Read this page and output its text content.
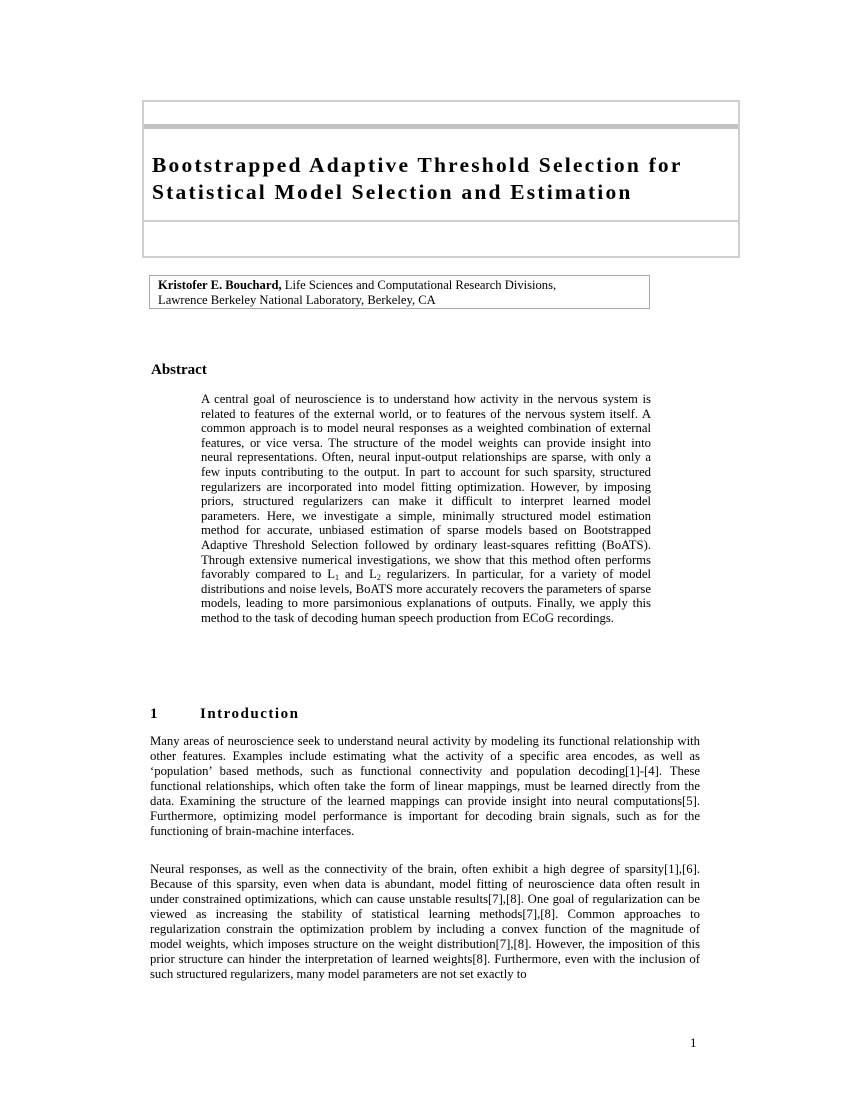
Bootstrapped Adaptive Threshold Selection for
Statistical Model Selection and Estimation
Kristofer E. Bouchard, Life Sciences and Computational Research Divisions,
Lawrence Berkeley National Laboratory, Berkeley, CA
Abstract

A central goal of neuroscience is to understand how activity in the nervous system is related to features of the external world, or to features of the nervous system itself. A common approach is to model neural responses as a weighted combination of external features, or vice versa. The structure of the model weights can provide insight into neural representations. Often, neural input-output relationships are sparse, with only a few inputs contributing to the output. In part to account for such sparsity, structured regularizers are incorporated into model fitting optimization. However, by imposing priors, structured regularizers can make it difficult to interpret learned model parameters. Here, we investigate a simple, minimally structured model estimation method for accurate, unbiased estimation of sparse models based on Bootstrapped Adaptive Threshold Selection followed by ordinary least-squares refitting (BoATS). Through extensive numerical investigations, we show that this method often performs favorably compared to $L_1$ and $L_2$ regularizers. In particular, for a variety of model distributions and noise levels, BoATS more accurately recovers the parameters of sparse models, leading to more parsimonious explanations of outputs. Finally, we apply this method to the task of decoding human speech production from ECoG recordings.

1	Introduction

Many areas of neuroscience seek to understand neural activity by modeling its functional relationship with other features. Examples include estimating what the activity of a specific area encodes, as well as ‘population’ based methods, such as functional connectivity and population decoding[1]-[4]. These functional relationships, which often take the form of linear mappings, must be learned directly from the data. Examining the structure of the learned mappings can provide insight into neural computations[5]. Furthermore, optimizing model performance is important for decoding brain signals, such as for the functioning of brain-machine interfaces.

Neural responses, as well as the connectivity of the brain, often exhibit a high degree of sparsity[1],[6]. Because of this sparsity, even when data is abundant, model fitting of neuroscience data often result in under constrained optimizations, which can cause unstable results[7],[8]. One goal of regularization can be viewed as increasing the stability of statistical learning methods[7],[8]. Common approaches to regularization constrain the optimization problem by including a convex function of the magnitude of model weights, which imposes structure on the weight distribution[7],[8]. However, the imposition of this prior structure can hinder the interpretation of learned weights[8]. Furthermore, even with the inclusion of such structured regularizers, many model parameters are not set exactly to

1
